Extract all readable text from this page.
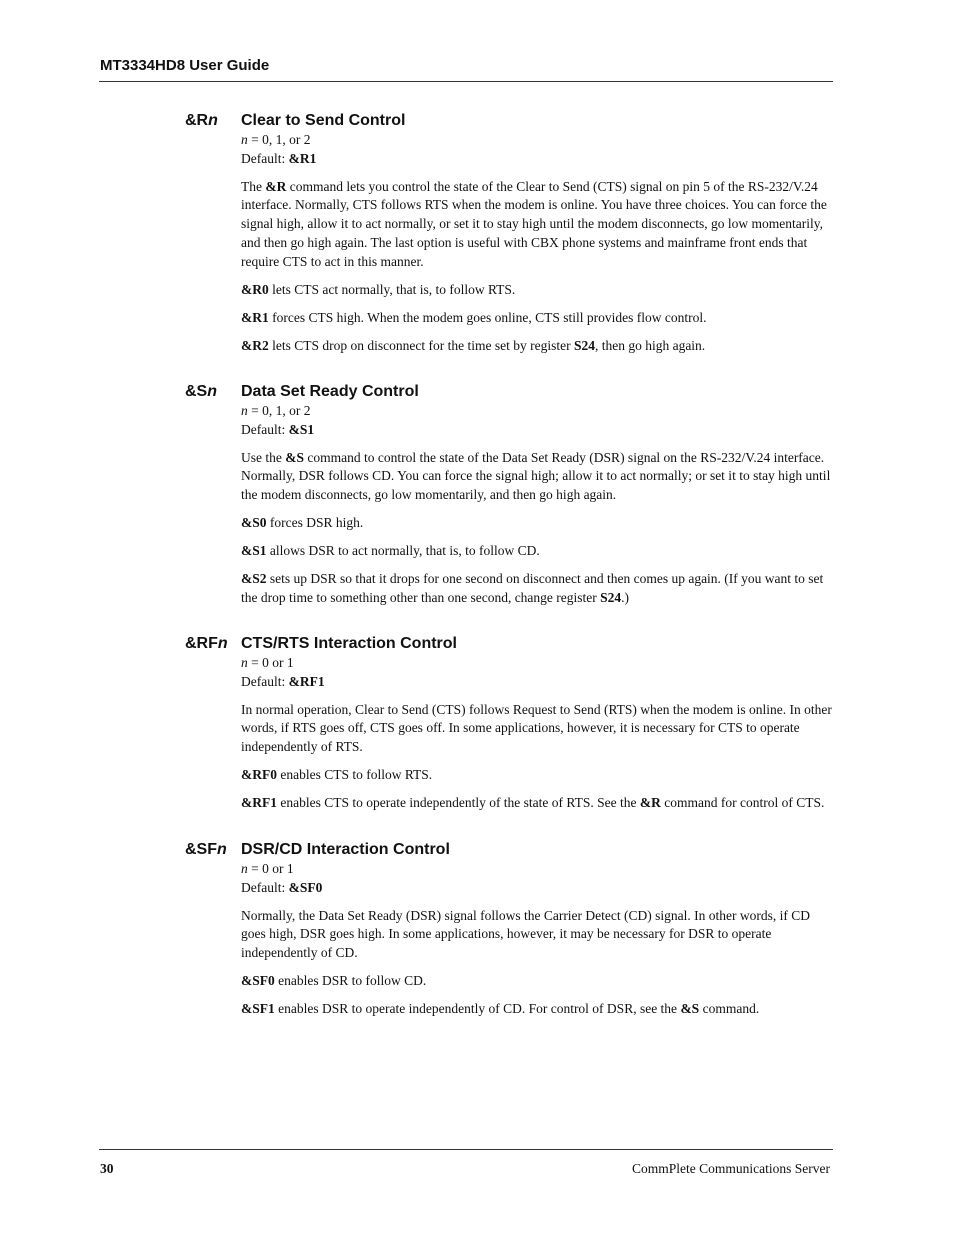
MT3334HD8 User Guide
&Rn Clear to Send Control

n = 0, 1, or 2

Default: &R1

The &R command lets you control the state of the Clear to Send (CTS) signal on pin 5 of the RS-232/V.24 interface. Normally, CTS follows RTS when the modem is online. You have three choices. You can force the signal high, allow it to act normally, or set it to stay high until the modem disconnects, go low momentarily, and then go high again. The last option is useful with CBX phone systems and mainframe front ends that require CTS to act in this manner.

&R0 lets CTS act normally, that is, to follow RTS.

&R1 forces CTS high. When the modem goes online, CTS still provides flow control.

&R2 lets CTS drop on disconnect for the time set by register S24, then go high again.

&Sn Data Set Ready Control

n = 0, 1, or 2

Default: &S1

Use the &S command to control the state of the Data Set Ready (DSR) signal on the RS-232/V.24 interface. Normally, DSR follows CD. You can force the signal high; allow it to act normally; or set it to stay high until the modem disconnects, go low momentarily, and then go high again.

&S0 forces DSR high.

&S1 allows DSR to act normally, that is, to follow CD.

&S2 sets up DSR so that it drops for one second on disconnect and then comes up again. (If you want to set the drop time to something other than one second, change register S24.)

&RFn CTS/RTS Interaction Control

n = 0 or 1

Default: &RF1

In normal operation, Clear to Send (CTS) follows Request to Send (RTS) when the modem is online. In other words, if RTS goes off, CTS goes off. In some applications, however, it is necessary for CTS to operate independently of RTS.

&RF0 enables CTS to follow RTS.

&RF1 enables CTS to operate independently of the state of RTS. See the &R command for control of CTS.

&SFn DSR/CD Interaction Control

n = 0 or 1

Default: &SF0

Normally, the Data Set Ready (DSR) signal follows the Carrier Detect (CD) signal. In other words, if CD goes high, DSR goes high. In some applications, however, it may be necessary for DSR to operate independently of CD.

&SF0 enables DSR to follow CD.

&SF1 enables DSR to operate independently of CD. For control of DSR, see the &S command.

30	CommPlete Communications Server
